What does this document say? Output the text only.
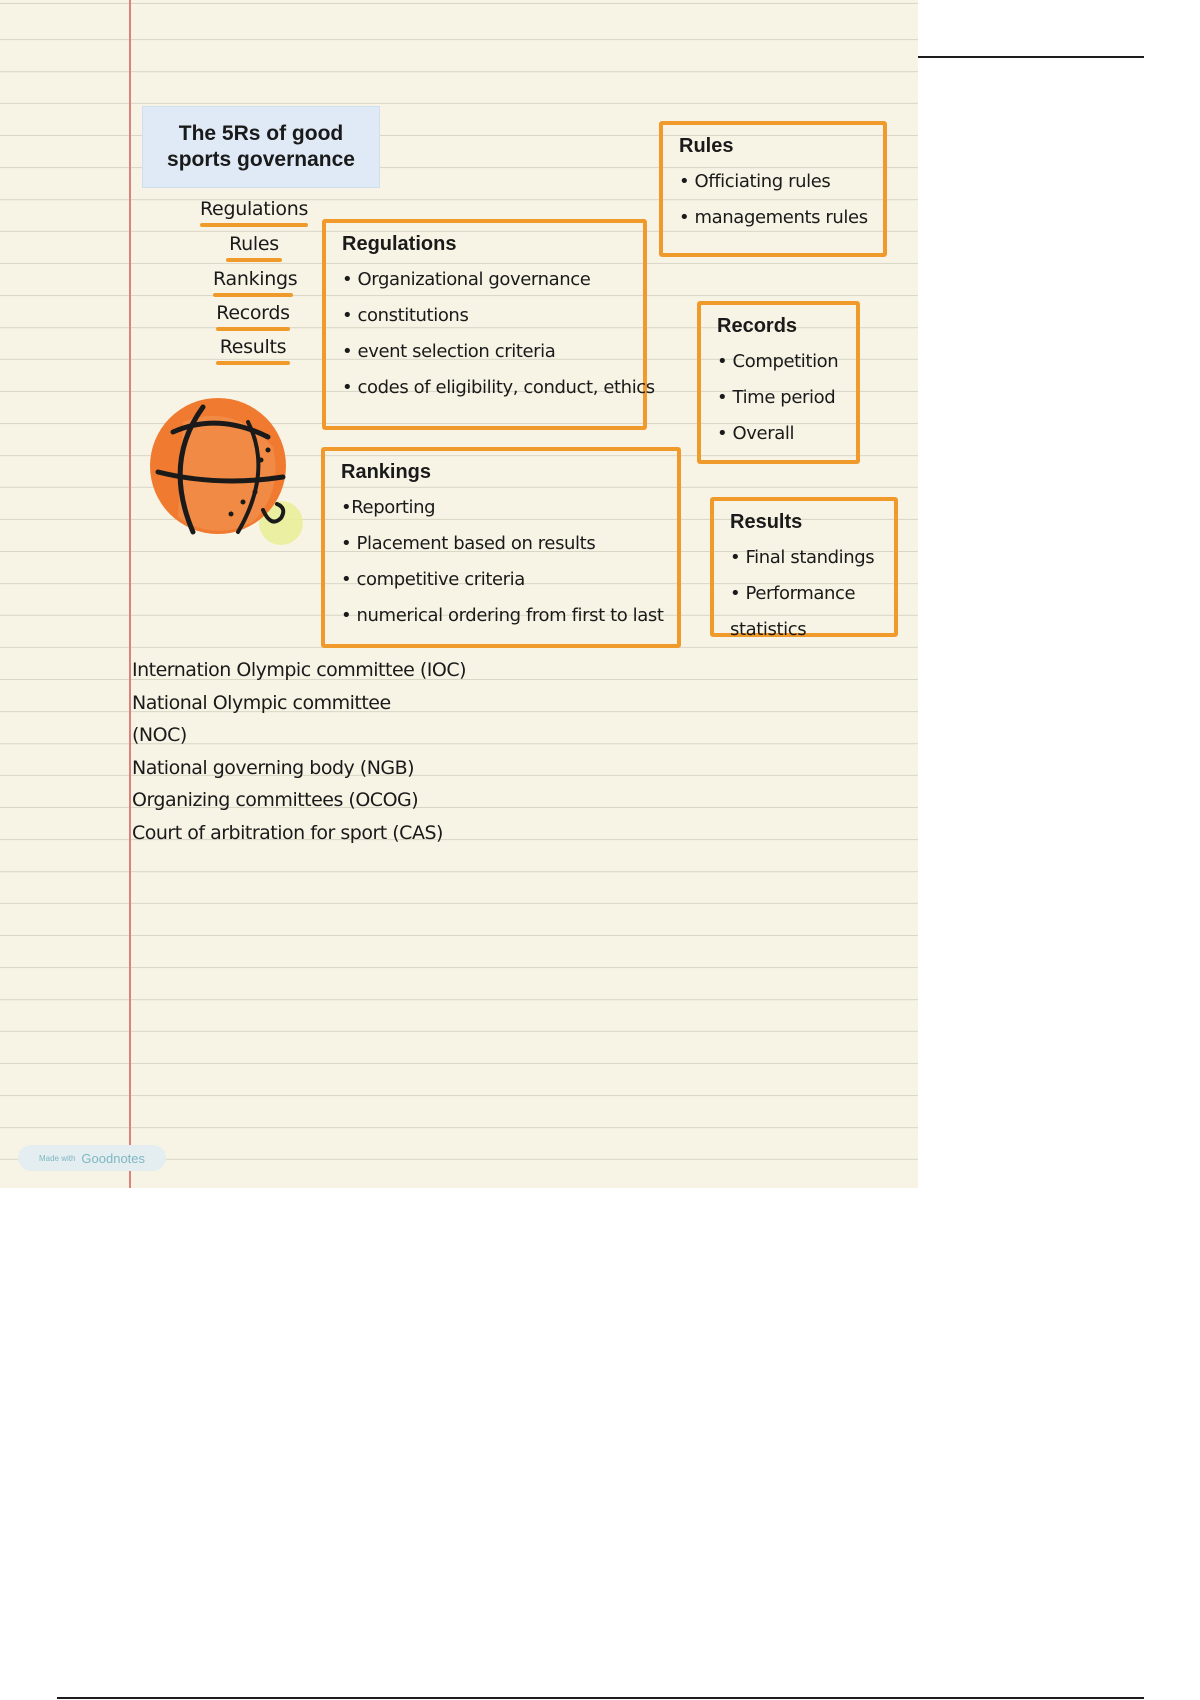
The 5Rs of good sports governance
Regulations
Rules
Rankings
Records
Results
Rules
• Officiating rules
• managements rules
Regulations
• Organizational governance
• constitutions
• event selection criteria
• codes of eligibility, conduct, ethics
Records
• Competition
• Time period
• Overall
Rankings
•Reporting
• Placement based on results
• competitive criteria
• numerical ordering from first to last
Results
• Final standings
• Performance
statistics
Internation Olympic committee (IOC)
National Olympic committee
(NOC)
National governing body (NGB)
Organizing committees (OCOG)
Court of arbitration for sport (CAS)
Made with Goodnotes
